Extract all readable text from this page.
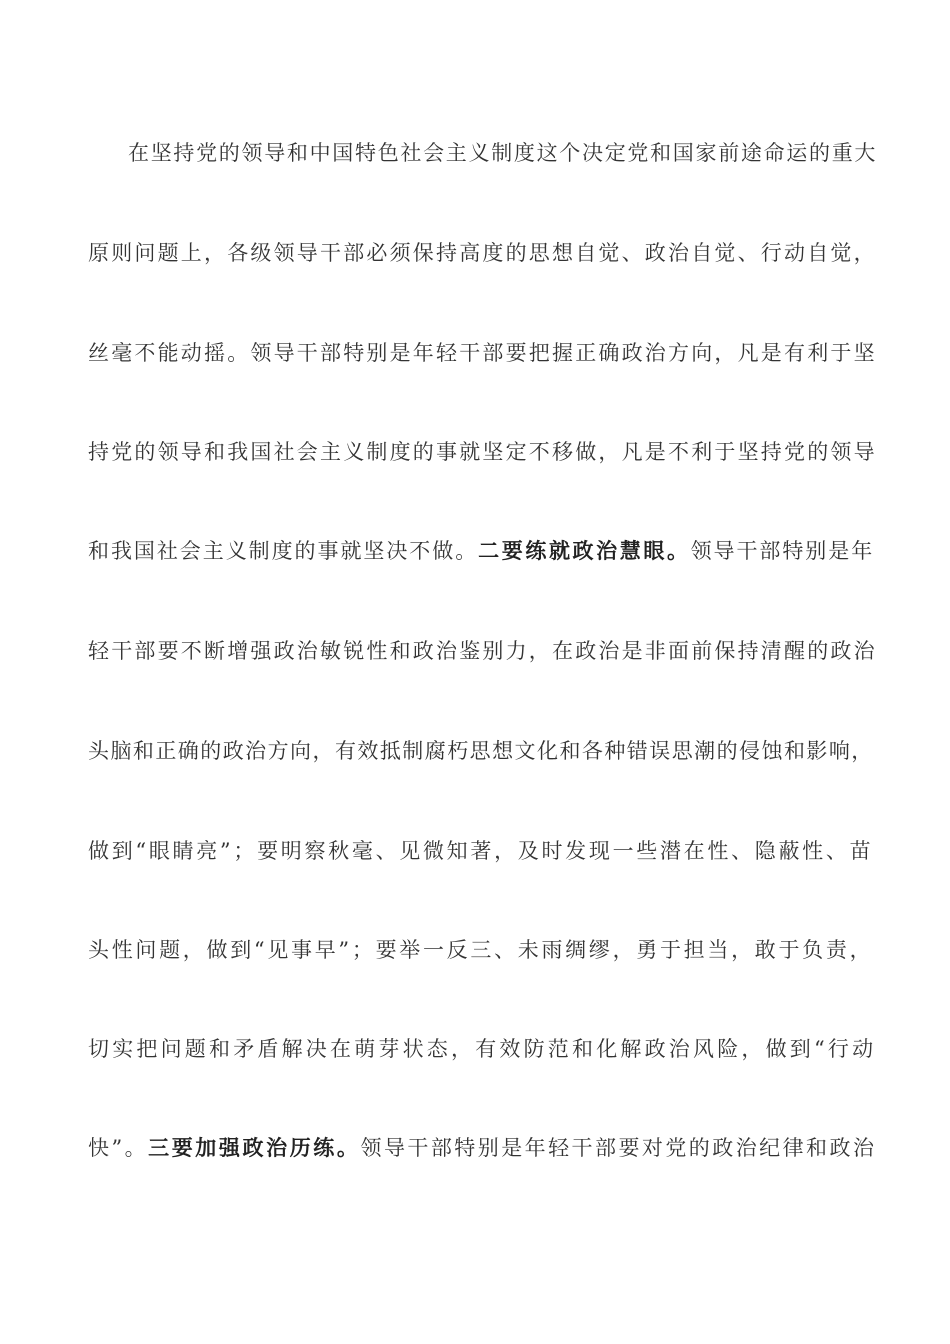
在坚持党的领导和中国特色社会主义制度这个决定党和国家前途命运的重大
原则问题上，各级领导干部必须保持高度的思想自觉、政治自觉、行动自觉，
丝毫不能动摇。领导干部特别是年轻干部要把握正确政治方向，凡是有利于坚
持党的领导和我国社会主义制度的事就坚定不移做，凡是不利于坚持党的领导
和我国社会主义制度的事就坚决不做。二要练就政治慧眼。领导干部特别是年
轻干部要不断增强政治敏锐性和政治鉴别力，在政治是非面前保持清醒的政治
头脑和正确的政治方向，有效抵制腐朽思想文化和各种错误思潮的侵蚀和影响，
做到“眼睛亮”；要明察秋毫、见微知著，及时发现一些潜在性、隐蔽性、苗
头性问题，做到“见事早”；要举一反三、未雨绸缪，勇于担当，敢于负责，
切实把问题和矛盾解决在萌芽状态，有效防范和化解政治风险，做到“行动
快”。三要加强政治历练。领导干部特别是年轻干部要对党的政治纪律和政治
